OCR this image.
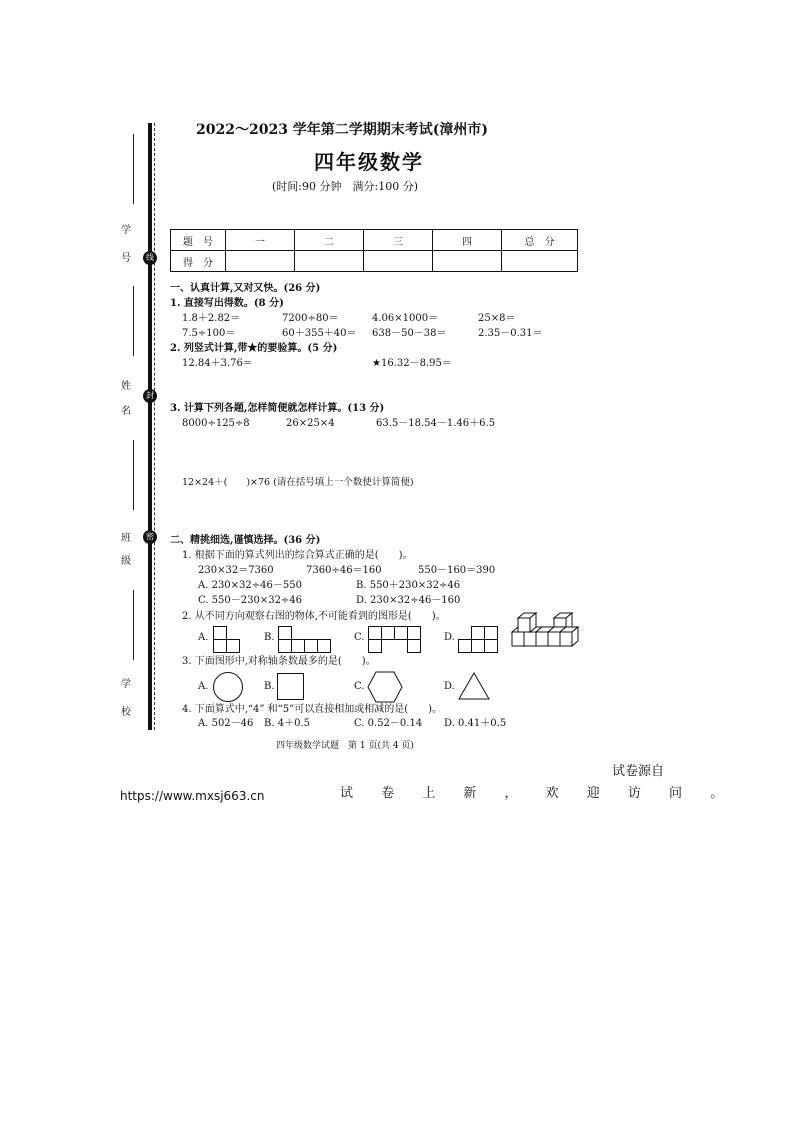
线
封
密
学
号
姓
名
班
级
学
校
2022～2023 学年第二学期期末考试(漳州市)
四年级数学
(时间:90 分钟　满分:100 分)
题　号	一	二	三	四	总　分
得　分					
一、认真计算,又对又快。(26 分)
1. 直接写出得数。(8 分)
1.8＋2.82＝	7200÷80＝	4.06×1000＝	25×8＝
7.5÷100＝	60＋355＋40＝ 638－50－38＝	2.35－0.31＝
2. 列竖式计算,带★的要验算。(5 分)
12.84＋3.76＝	★16.32－8.95＝
3. 计算下列各题,怎样简便就怎样计算。(13 分)
8000÷125÷8	26×25×4	63.5－18.54－1.46＋6.5
12×24＋(　　)×76 (请在括号填上一个数使计算简便)
二、精挑细选,谨慎选择。(36 分)
1. 根据下面的算式列出的综合算式正确的是(　　)。
230×32＝7360	7360÷46＝160	550－160＝390
A. 230×32÷46－550	B. 550＋230×32÷46
C. 550－230×32÷46	D. 230×32÷46－160
2. 从不同方向观察右图的物体,不可能看到的图形是(　　)。
A.	B.	C.	D.
3. 下面图形中,对称轴条数最多的是(　　)。
A.	B.	C.	D.
4. 下面算式中,“4” 和“5”可以直接相加或相减的是(　　)。
A. 502－46 B. 4＋0.5	C. 0.52－0.14 D. 0.41＋0.5
四年级数学试题　第 1 页(共 4 页)
试卷源自
https://www.mxsj663.cn	试 卷 上 新 ， 欢 迎 访 问 。
